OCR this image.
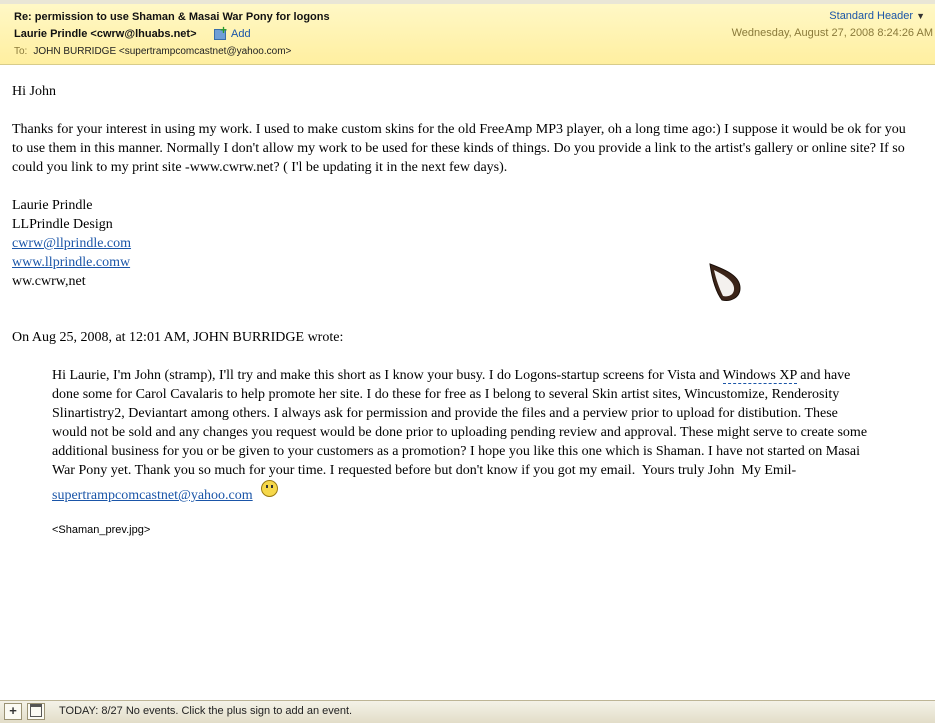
Re: permission to use Shaman & Masai War Pony for logons
Laurie Prindle <cwrw@lhuabs.net> + Add
To: JOHN BURRIDGE <supertrampcomcastnet@yahoo.com>
Standard Header ▼
Wednesday, August 27, 2008 8:24:26 AM

Hi John

Thanks for your interest in using my work. I used to make custom skins for the old FreeAmp MP3 player, oh a long time ago:) I suppose it would be ok for you to use them in this manner. Normally I don't allow my work to be used for these kinds of things. Do you provide a link to the artist's gallery or online site? If so could you link to my print site -www.cwrw.net? ( I'l be updating it in the next few days).

Laurie Prindle

LLPrindle Design

cwrw@llprindle.com

www.llprindle.comw

ww.cwrw,net

On Aug 25, 2008, at 12:01 AM, JOHN BURRIDGE wrote:

Hi Laurie, I'm John (stramp), I'll try and make this short as I know your busy. I do Logons-startup screens for Vista and Windows XP and have done some for Carol Cavalaris to help promote her site. I do these for free as I belong to several Skin artist sites, Wincustomize, Renderosity Slinartistry2, Deviantart among others. I always ask for permission and provide the files and a perview prior to upload for distibution. These would not be sold and any changes you request would be done prior to uploading pending review and approval. These might serve to create some additional business for you or be given to your customers as a promotion? I hope you like this one which is Shaman. I have not started on Masai War Pony yet. Thank you so much for your time. I requested before but don't know if you got my email.  Yours truly John  My Emil- supertrampcomcastnet@yahoo.com
<Shaman_prev.jpg>
+	TODAY: 8/27 No events. Click the plus sign to add an event.
